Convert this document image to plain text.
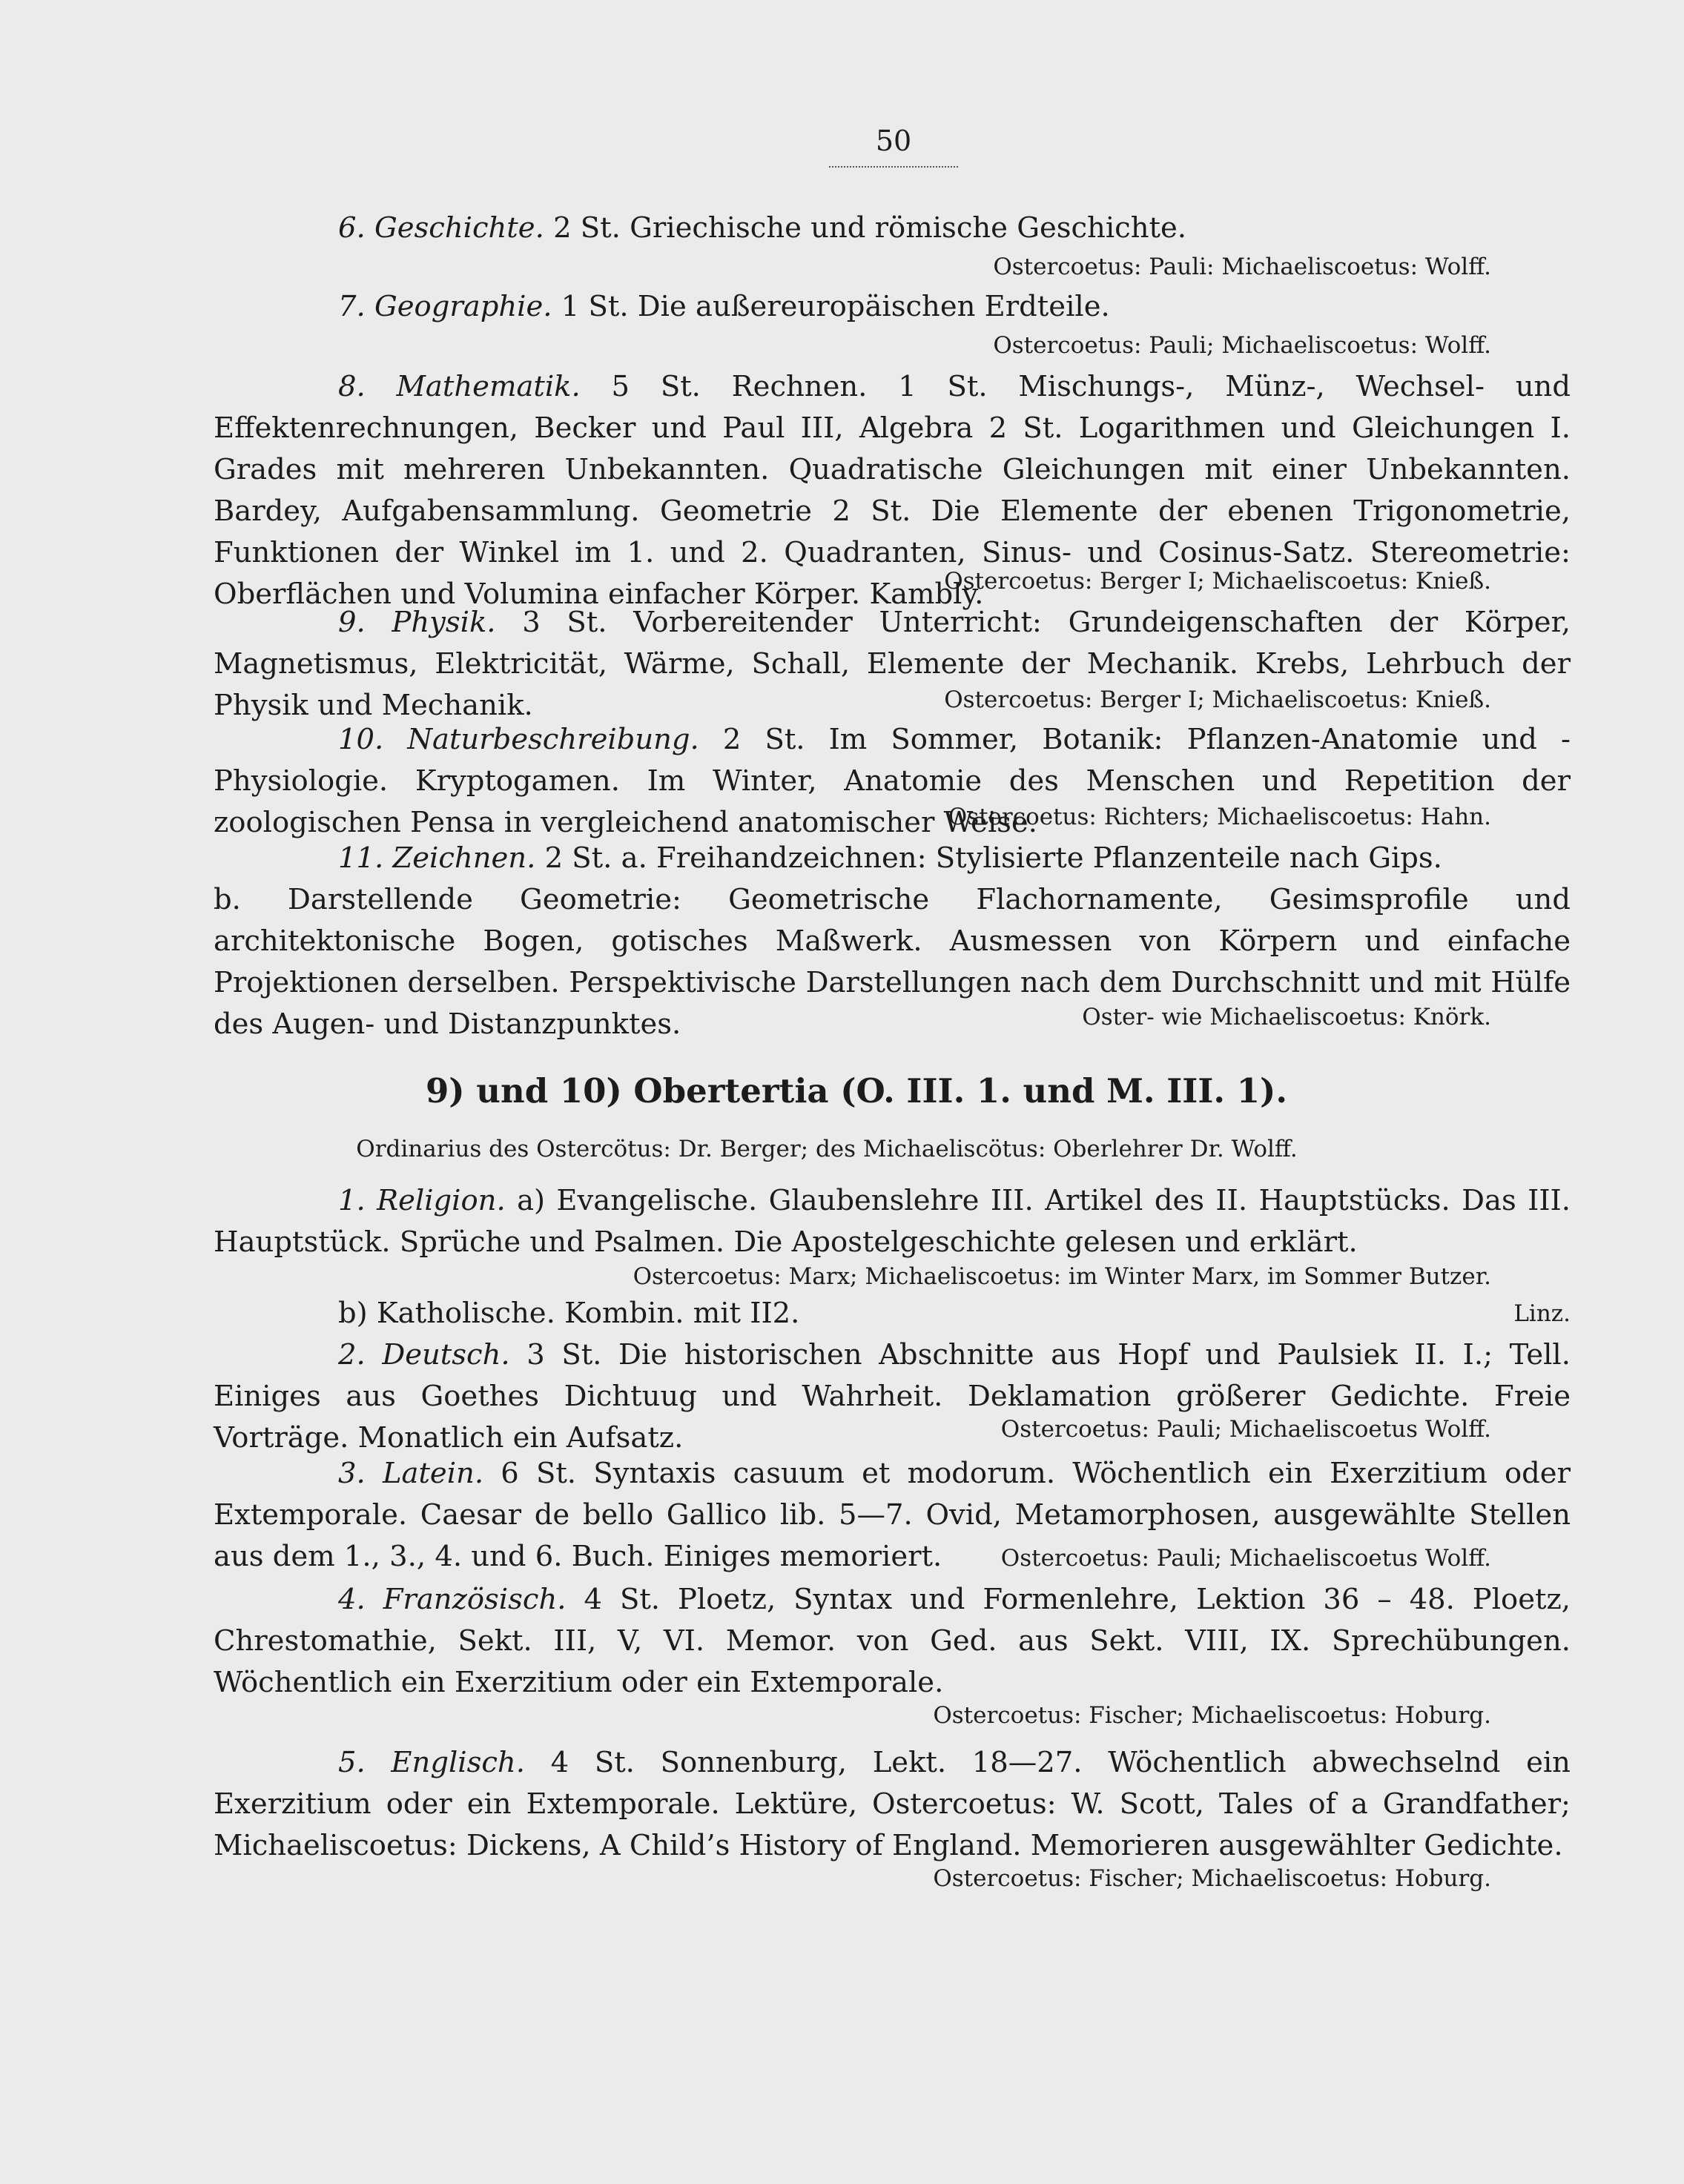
50
6. Geschichte. 2 St. Griechische und römische Geschichte.
Ostercoetus: Pauli: Michaeliscoetus: Wolff.
7. Geographie. 1 St. Die außereuropäischen Erdteile.
Ostercoetus: Pauli; Michaeliscoetus: Wolff.
8. Mathematik. 5 St. Rechnen. 1 St. Mischungs-, Münz-, Wechsel- und Effektenrechnungen, Becker und Paul III, Algebra 2 St. Logarithmen und Gleichungen I. Grades mit mehreren Unbekannten. Quadratische Gleichungen mit einer Unbekannten. Bardey, Aufgabensammlung. Geometrie 2 St. Die Elemente der ebenen Trigonometrie, Funktionen der Winkel im 1. und 2. Quadranten, Sinus- und Cosinus-Satz. Stereometrie: Oberflächen und Volumina einfacher Körper. Kambly.
Ostercoetus: Berger I; Michaeliscoetus: Knieß.
9. Physik. 3 St. Vorbereitender Unterricht: Grundeigenschaften der Körper, Magnetismus, Elektricität, Wärme, Schall, Elemente der Mechanik. Krebs, Lehrbuch der Physik und Mechanik.	Ostercoetus: Berger I; Michaeliscoetus: Knieß.
10. Naturbeschreibung. 2 St. Im Sommer, Botanik: Pflanzen-Anatomie und -Physiologie. Kryptogamen. Im Winter, Anatomie des Menschen und Repetition der zoologischen Pensa in vergleichend anatomischer Weise.
Ostercoetus: Richters; Michaeliscoetus: Hahn.
11. Zeichnen. 2 St. a. Freihandzeichnen: Stylisierte Pflanzenteile nach Gips.
b. Darstellende Geometrie: Geometrische Flachornamente, Gesimsprofile und architektonische Bogen, gotisches Maßwerk. Ausmessen von Körpern und einfache Projektionen derselben. Perspektivische Darstellungen nach dem Durchschnitt und mit Hülfe des Augen- und Distanzpunktes.	Oster- wie Michaeliscoetus: Knörk.
9) und 10) Obertertia (O. III. 1. und M. III. 1).
Ordinarius des Ostercötus: Dr. Berger; des Michaeliscötus: Oberlehrer Dr. Wolff.
1. Religion. a) Evangelische. Glaubenslehre III. Artikel des II. Hauptstücks. Das III. Hauptstück. Sprüche und Psalmen. Die Apostelgeschichte gelesen und erklärt.
Ostercoetus: Marx; Michaeliscoetus: im Winter Marx, im Sommer Butzer.
b) Katholische. Kombin. mit II2.	Linz.
2. Deutsch. 3 St. Die historischen Abschnitte aus Hopf und Paulsiek II. I.; Tell. Einiges aus Goethes Dichtuug und Wahrheit. Deklamation größerer Gedichte. Freie Vorträge. Monatlich ein Aufsatz.	Ostercoetus: Pauli; Michaeliscoetus Wolff.
3. Latein. 6 St. Syntaxis casuum et modorum. Wöchentlich ein Exerzitium oder Extemporale. Caesar de bello Gallico lib. 5—7. Ovid, Metamorphosen, ausgewählte Stellen aus dem 1., 3., 4. und 6. Buch. Einiges memoriert.	Ostercoetus: Pauli; Michaeliscoetus Wolff.
4. Französisch. 4 St. Ploetz, Syntax und Formenlehre, Lektion 36 – 48. Ploetz, Chrestomathie, Sekt. III, V, VI. Memor. von Ged. aus Sekt. VIII, IX. Sprechübungen. Wöchentlich ein Exerzitium oder ein Extemporale.
Ostercoetus: Fischer; Michaeliscoetus: Hoburg.
5. Englisch. 4 St. Sonnenburg, Lekt. 18—27. Wöchentlich abwechselnd ein Exerzitium oder ein Extemporale. Lektüre, Ostercoetus: W. Scott, Tales of a Grandfather; Michaeliscoetus: Dickens, A Child’s History of England. Memorieren ausgewählter Gedichte.
Ostercoetus: Fischer; Michaeliscoetus: Hoburg.
